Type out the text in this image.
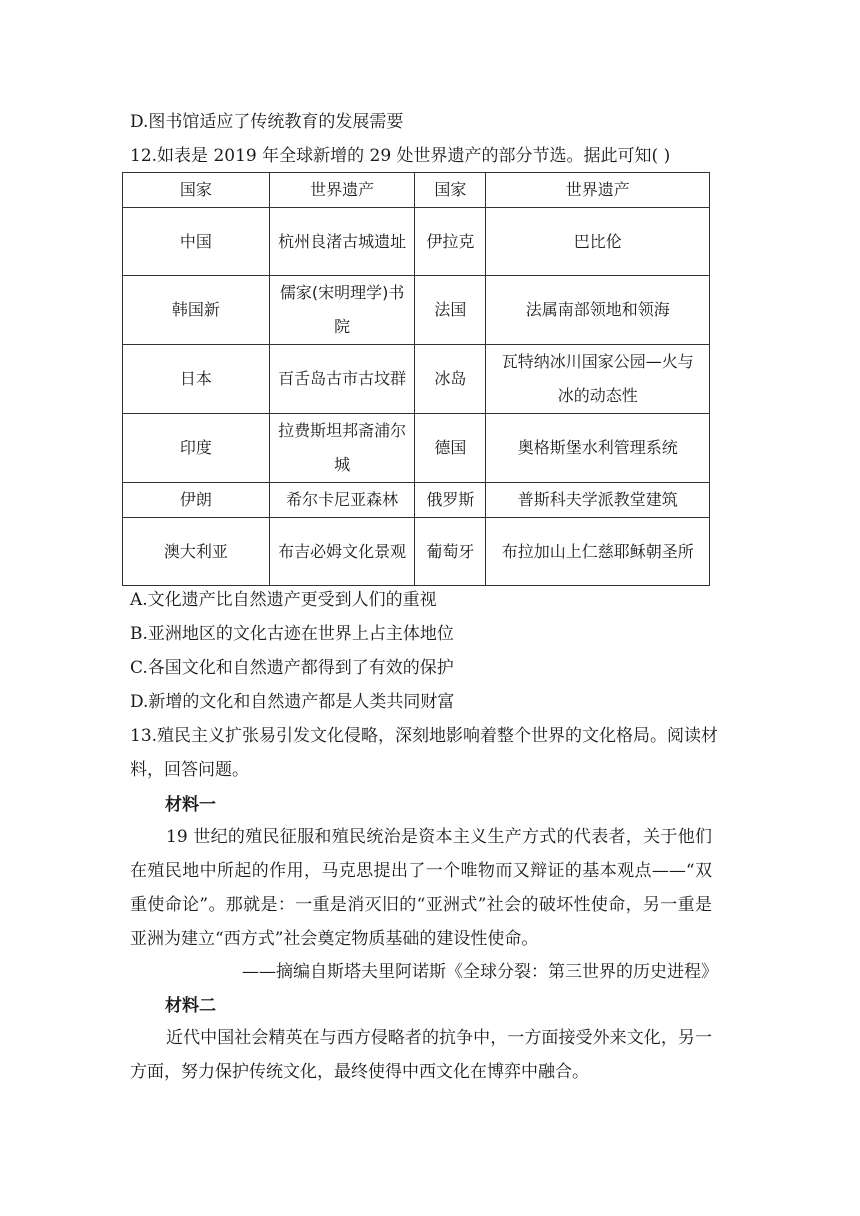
D.图书馆适应了传统教育的发展需要
12.如表是 2019 年全球新增的 29 处世界遗产的部分节选。据此可知( )
国家	世界遗产	国家	世界遗产
中国	杭州良渚古城遗址	伊拉克	巴比伦
韩国新	儒家(宋明理学)书院	法国	法属南部领地和领海
日本	百舌岛古市古坟群	冰岛	瓦特纳冰川国家公园—火与冰的动态性
印度	拉费斯坦邦斋浦尔城	德国	奥格斯堡水利管理系统
伊朗	希尔卡尼亚森林	俄罗斯	普斯科夫学派教堂建筑
澳大利亚	布吉必姆文化景观	葡萄牙	布拉加山上仁慈耶稣朝圣所
A.文化遗产比自然遗产更受到人们的重视
B.亚洲地区的文化古迹在世界上占主体地位
C.各国文化和自然遗产都得到了有效的保护
D.新增的文化和自然遗产都是人类共同财富
13.殖民主义扩张易引发文化侵略，深刻地影响着整个世界的文化格局。阅读材
料，回答问题。
材料一

19 世纪的殖民征服和殖民统治是资本主义生产方式的代表者，关于他们在殖民地中所起的作用，马克思提出了一个唯物而又辩证的基本观点——“双重使命论”。那就是：一重是消灭旧的“亚洲式”社会的破坏性使命，另一重是亚洲为建立“西方式”社会奠定物质基础的建设性使命。

——摘编自斯塔夫里阿诺斯《全球分裂：第三世界的历史进程》
材料二

近代中国社会精英在与西方侵略者的抗争中，一方面接受外来文化，另一方面，努力保护传统文化，最终使得中西文化在博弈中融合。
